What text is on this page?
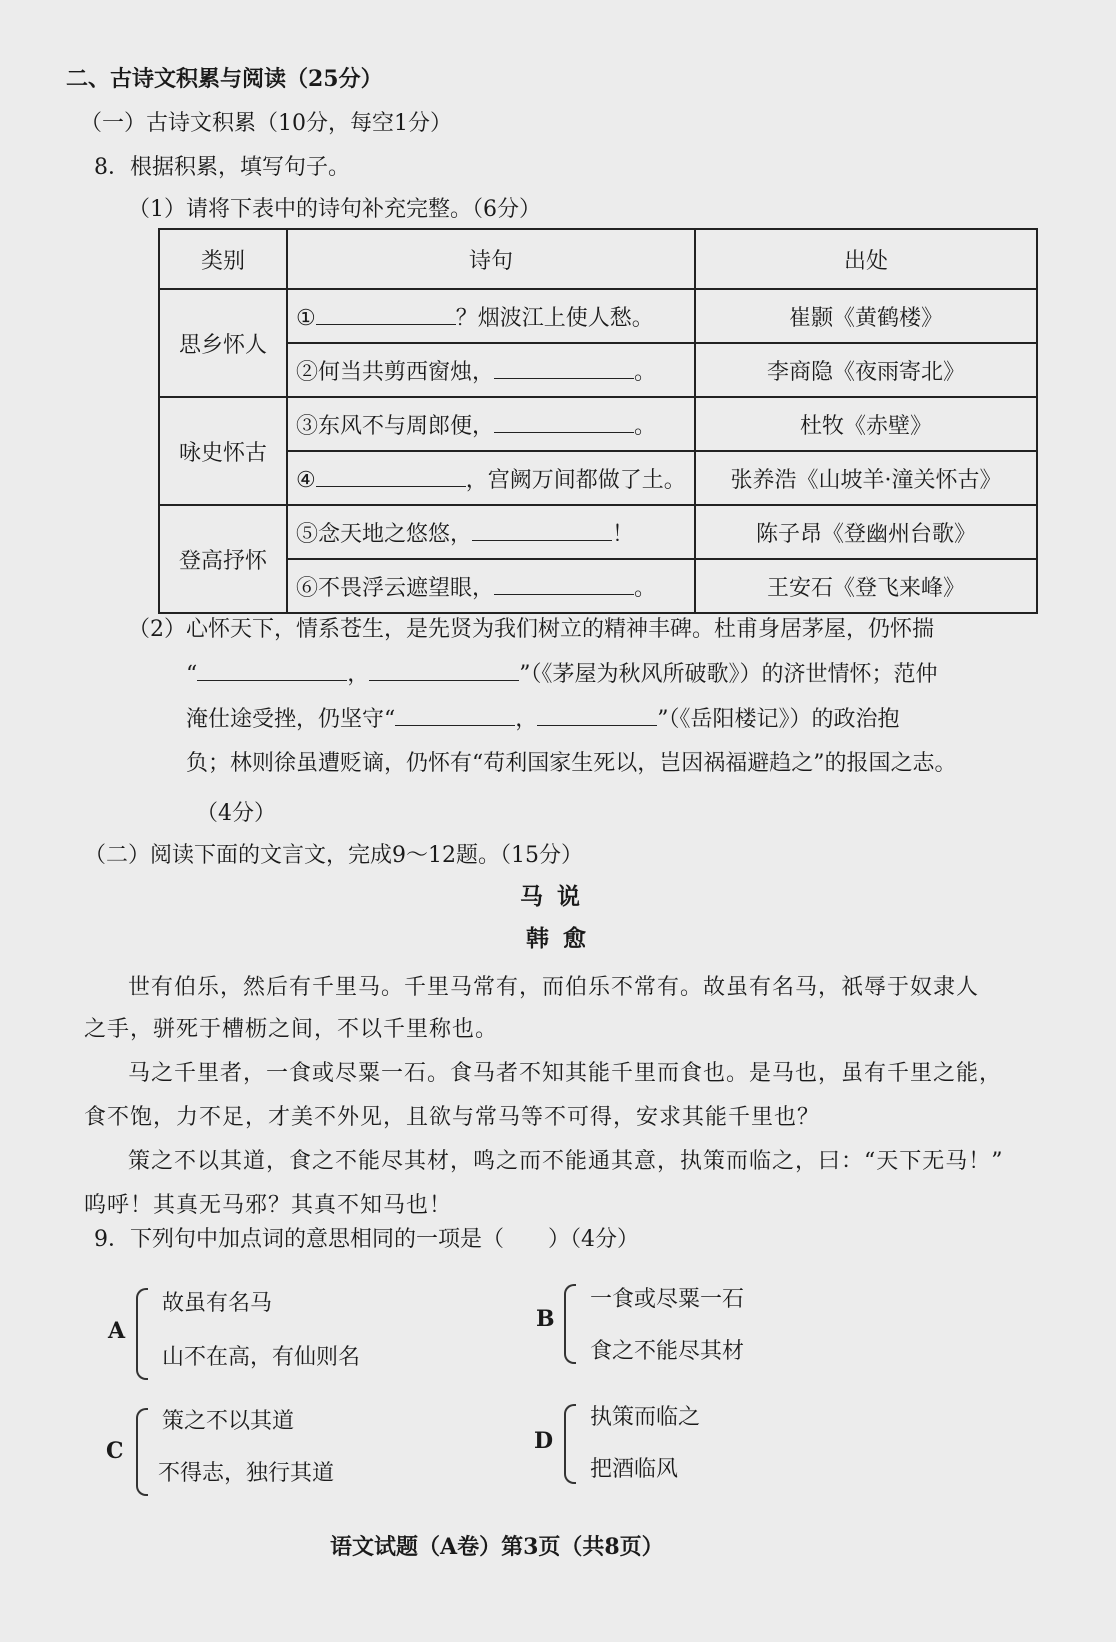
二、古诗文积累与阅读（25分）
（一）古诗文积累（10分，每空1分）
8．根据积累，填写句子。
（1）请将下表中的诗句补充完整。（6分）
类别	诗句	出处
思乡怀人	① ？烟波江上使人愁。	崔颢《黄鹤楼》
	②何当共剪西窗烛， 。	李商隐《夜雨寄北》
咏史怀古	③东风不与周郎便， 。	杜牧《赤壁》
	④ ，宫阙万间都做了土。	张养浩《山坡羊·潼关怀古》
登高抒怀	⑤念天地之悠悠， ！	陈子昂《登幽州台歌》
	⑥不畏浮云遮望眼， 。	王安石《登飞来峰》
（2）心怀天下，情系苍生，是先贤为我们树立的精神丰碑。杜甫身居茅屋，仍怀揣
“	，	”（《茅屋为秋风所破歌》）的济世情怀；范仲
淹仕途受挫，仍坚守“	，	”（《岳阳楼记》）的政治抱
负；林则徐虽遭贬谪，仍怀有“苟利国家生死以，岂因祸福避趋之”的报国之志。
（4分）
（二）阅读下面的文言文，完成9～12题。（15分）
马说
韩愈
世有伯乐，然后有千里马。千里马常有，而伯乐不常有。故虽有名马，祇辱于奴隶人
之手，骈死于槽枥之间，不以千里称也。
马之千里者，一食或尽粟一石。食马者不知其能千里而食也。是马也，虽有千里之能，
食不饱，力不足，才美不外见，且欲与常马等不可得，安求其能千里也？
策之不以其道，食之不能尽其材，鸣之而不能通其意，执策而临之，曰：“天下无马！”
呜呼！其真无马邪？其真不知马也！
9．下列句中加点词的意思相同的一项是（　　）（4分）
A
故虽有名马
山不在高，有仙则名
B
一食或尽粟一石
食之不能尽其材
C
策之不以其道
不得志，独行其道
D
执策而临之
把酒临风
语文试题（A卷）第3页（共8页）
